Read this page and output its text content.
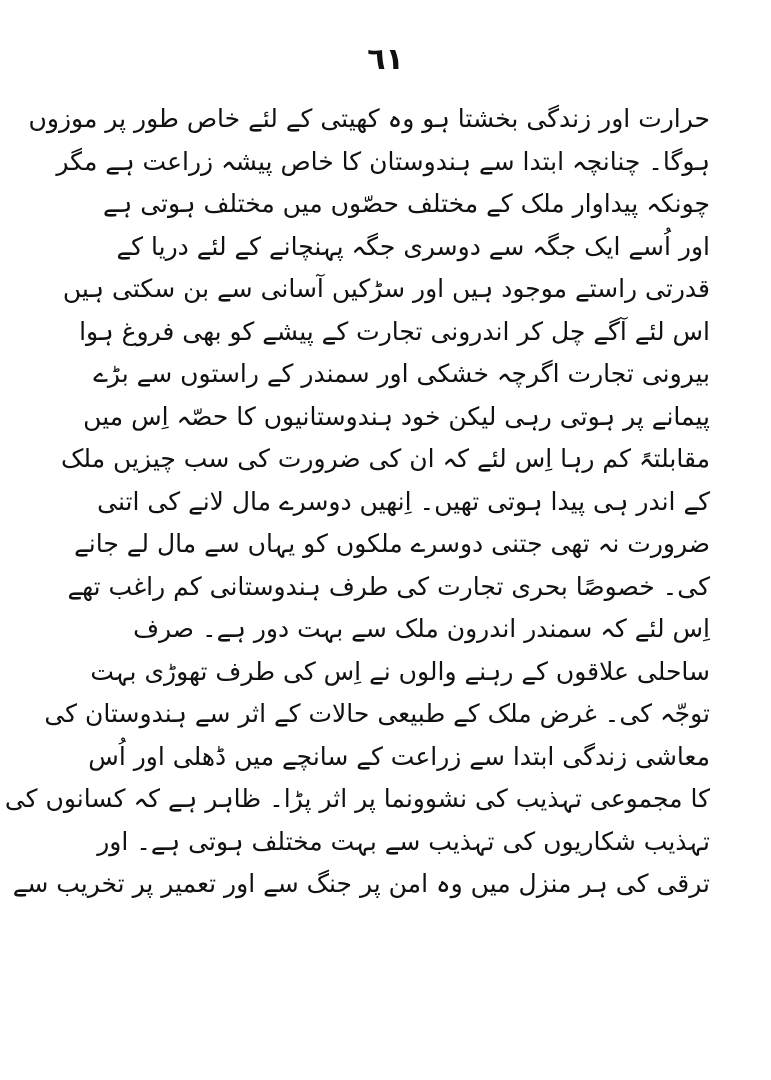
٦١
حرارت اور زندگی بخشتا ہو وہ کھیتی کے لئے خاص طور پر موزوں
ہوگا۔ چنانچہ ابتدا سے ہندوستان کا خاص پیشہ زراعت ہے مگر
چونکہ پیداوار ملک کے مختلف حصّوں میں مختلف ہوتی ہے
اور اُسے ایک جگہ سے دوسری جگہ پہنچانے کے لئے دریا کے
قدرتی راستے موجود ہیں اور سڑکیں آسانی سے بن سکتی ہیں
اس لئے آگے چل کر اندرونی تجارت کے پیشے کو بھی فروغ ہوا
بیرونی تجارت اگرچہ خشکی اور سمندر کے راستوں سے بڑے
پیمانے پر ہوتی رہی لیکن خود ہندوستانیوں کا حصّہ اِس میں
مقابلتہً کم رہا اِس لئے کہ ان کی ضرورت کی سب چیزیں ملک
کے اندر ہی پیدا ہوتی تھیں۔ اِنھیں دوسرے مال لانے کی اتنی
ضرورت نہ تھی جتنی دوسرے ملکوں کو یہاں سے مال لے جانے
کی۔ خصوصًا بحری تجارت کی طرف ہندوستانی کم راغب تھے
اِس لئے کہ سمندر اندرون ملک سے بہت دور ہے۔ صرف
ساحلی علاقوں کے رہنے والوں نے اِس کی طرف تھوڑی بہت
توجّہ کی۔ غرض ملک کے طبیعی حالات کے اثر سے ہندوستان کی
معاشی زندگی ابتدا سے زراعت کے سانچے میں ڈھلی اور اُس
کا مجموعی تہذیب کی نشوونما پر اثر پڑا۔ ظاہر ہے کہ کسانوں کی
تہذیب شکاریوں کی تہذیب سے بہت مختلف ہوتی ہے۔ اور
ترقی کی ہر منزل میں وہ امن پر جنگ سے اور تعمیر پر تخریب سے
